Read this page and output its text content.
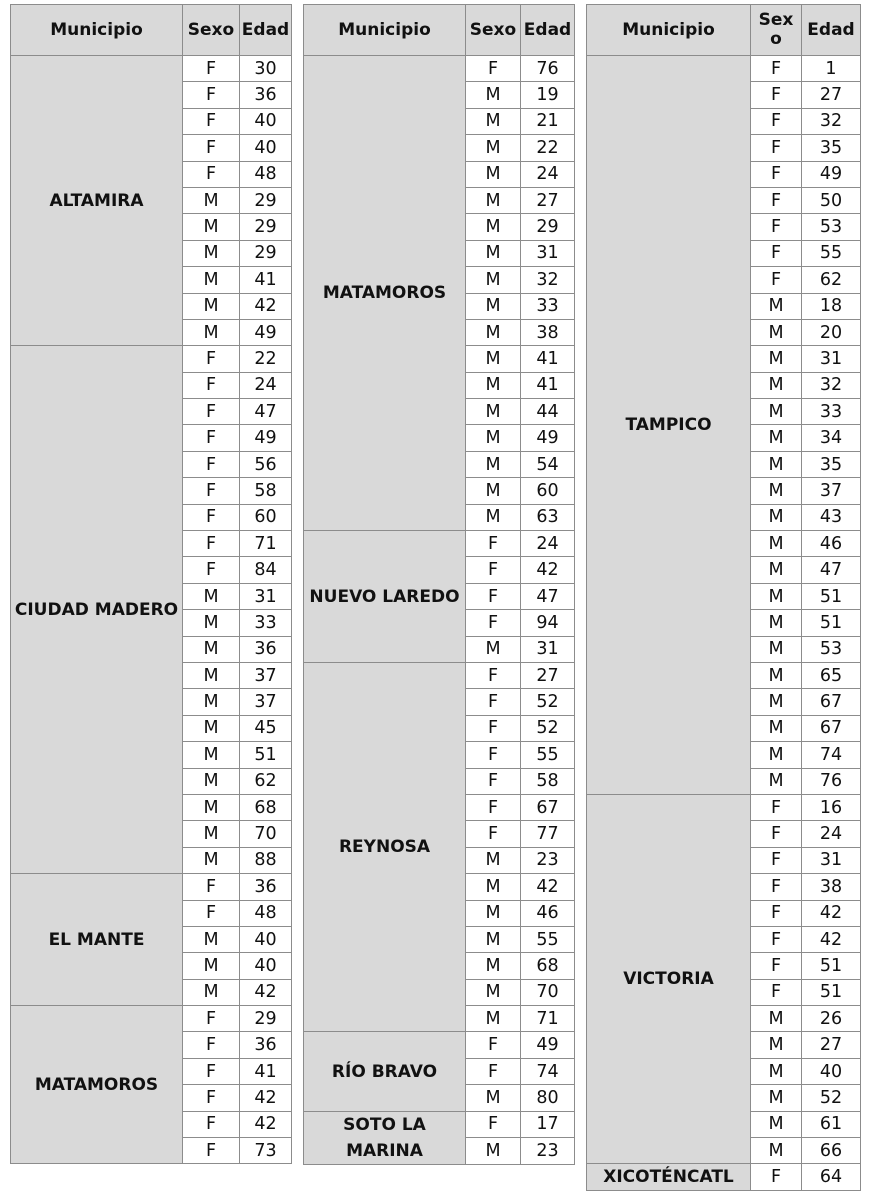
Municipio	Sexo	Edad
ALTAMIRA	F	30
	F	36
	F	40
	F	40
	F	48
	M	29
	M	29
	M	29
	M	41
	M	42
	M	49
CIUDAD MADERO	F	22
	F	24
	F	47
	F	49
	F	56
	F	58
	F	60
	F	71
	F	84
	M	31
	M	33
	M	36
	M	37
	M	37
	M	45
	M	51
	M	62
	M	68
	M	70
	M	88
EL MANTE	F	36
	F	48
	M	40
	M	40
	M	42
MATAMOROS	F	29
	F	36
	F	41
	F	42
	F	42
	F	73
Municipio	Sexo	Edad
MATAMOROS	F	76
	M	19
	M	21
	M	22
	M	24
	M	27
	M	29
	M	31
	M	32
	M	33
	M	38
	M	41
	M	41
	M	44
	M	49
	M	54
	M	60
	M	63
NUEVO LAREDO	F	24
	F	42
	F	47
	F	94
	M	31
REYNOSA	F	27
	F	52
	F	52
	F	55
	F	58
	F	67
	F	77
	M	23
	M	42
	M	46
	M	55
	M	68
	M	70
	M	71
RÍO BRAVO	F	49
	F	74
	M	80
SOTO LA MARINA	F	17
	M	23
Municipio	Sex o	Edad
TAMPICO	F	1
	F	27
	F	32
	F	35
	F	49
	F	50
	F	53
	F	55
	F	62
	M	18
	M	20
	M	31
	M	32
	M	33
	M	34
	M	35
	M	37
	M	43
	M	46
	M	47
	M	51
	M	51
	M	53
	M	65
	M	67
	M	67
	M	74
	M	76
VICTORIA	F	16
	F	24
	F	31
	F	38
	F	42
	F	42
	F	51
	F	51
	M	26
	M	27
	M	40
	M	52
	M	61
	M	66
XICOTÉNCATL	F	64
